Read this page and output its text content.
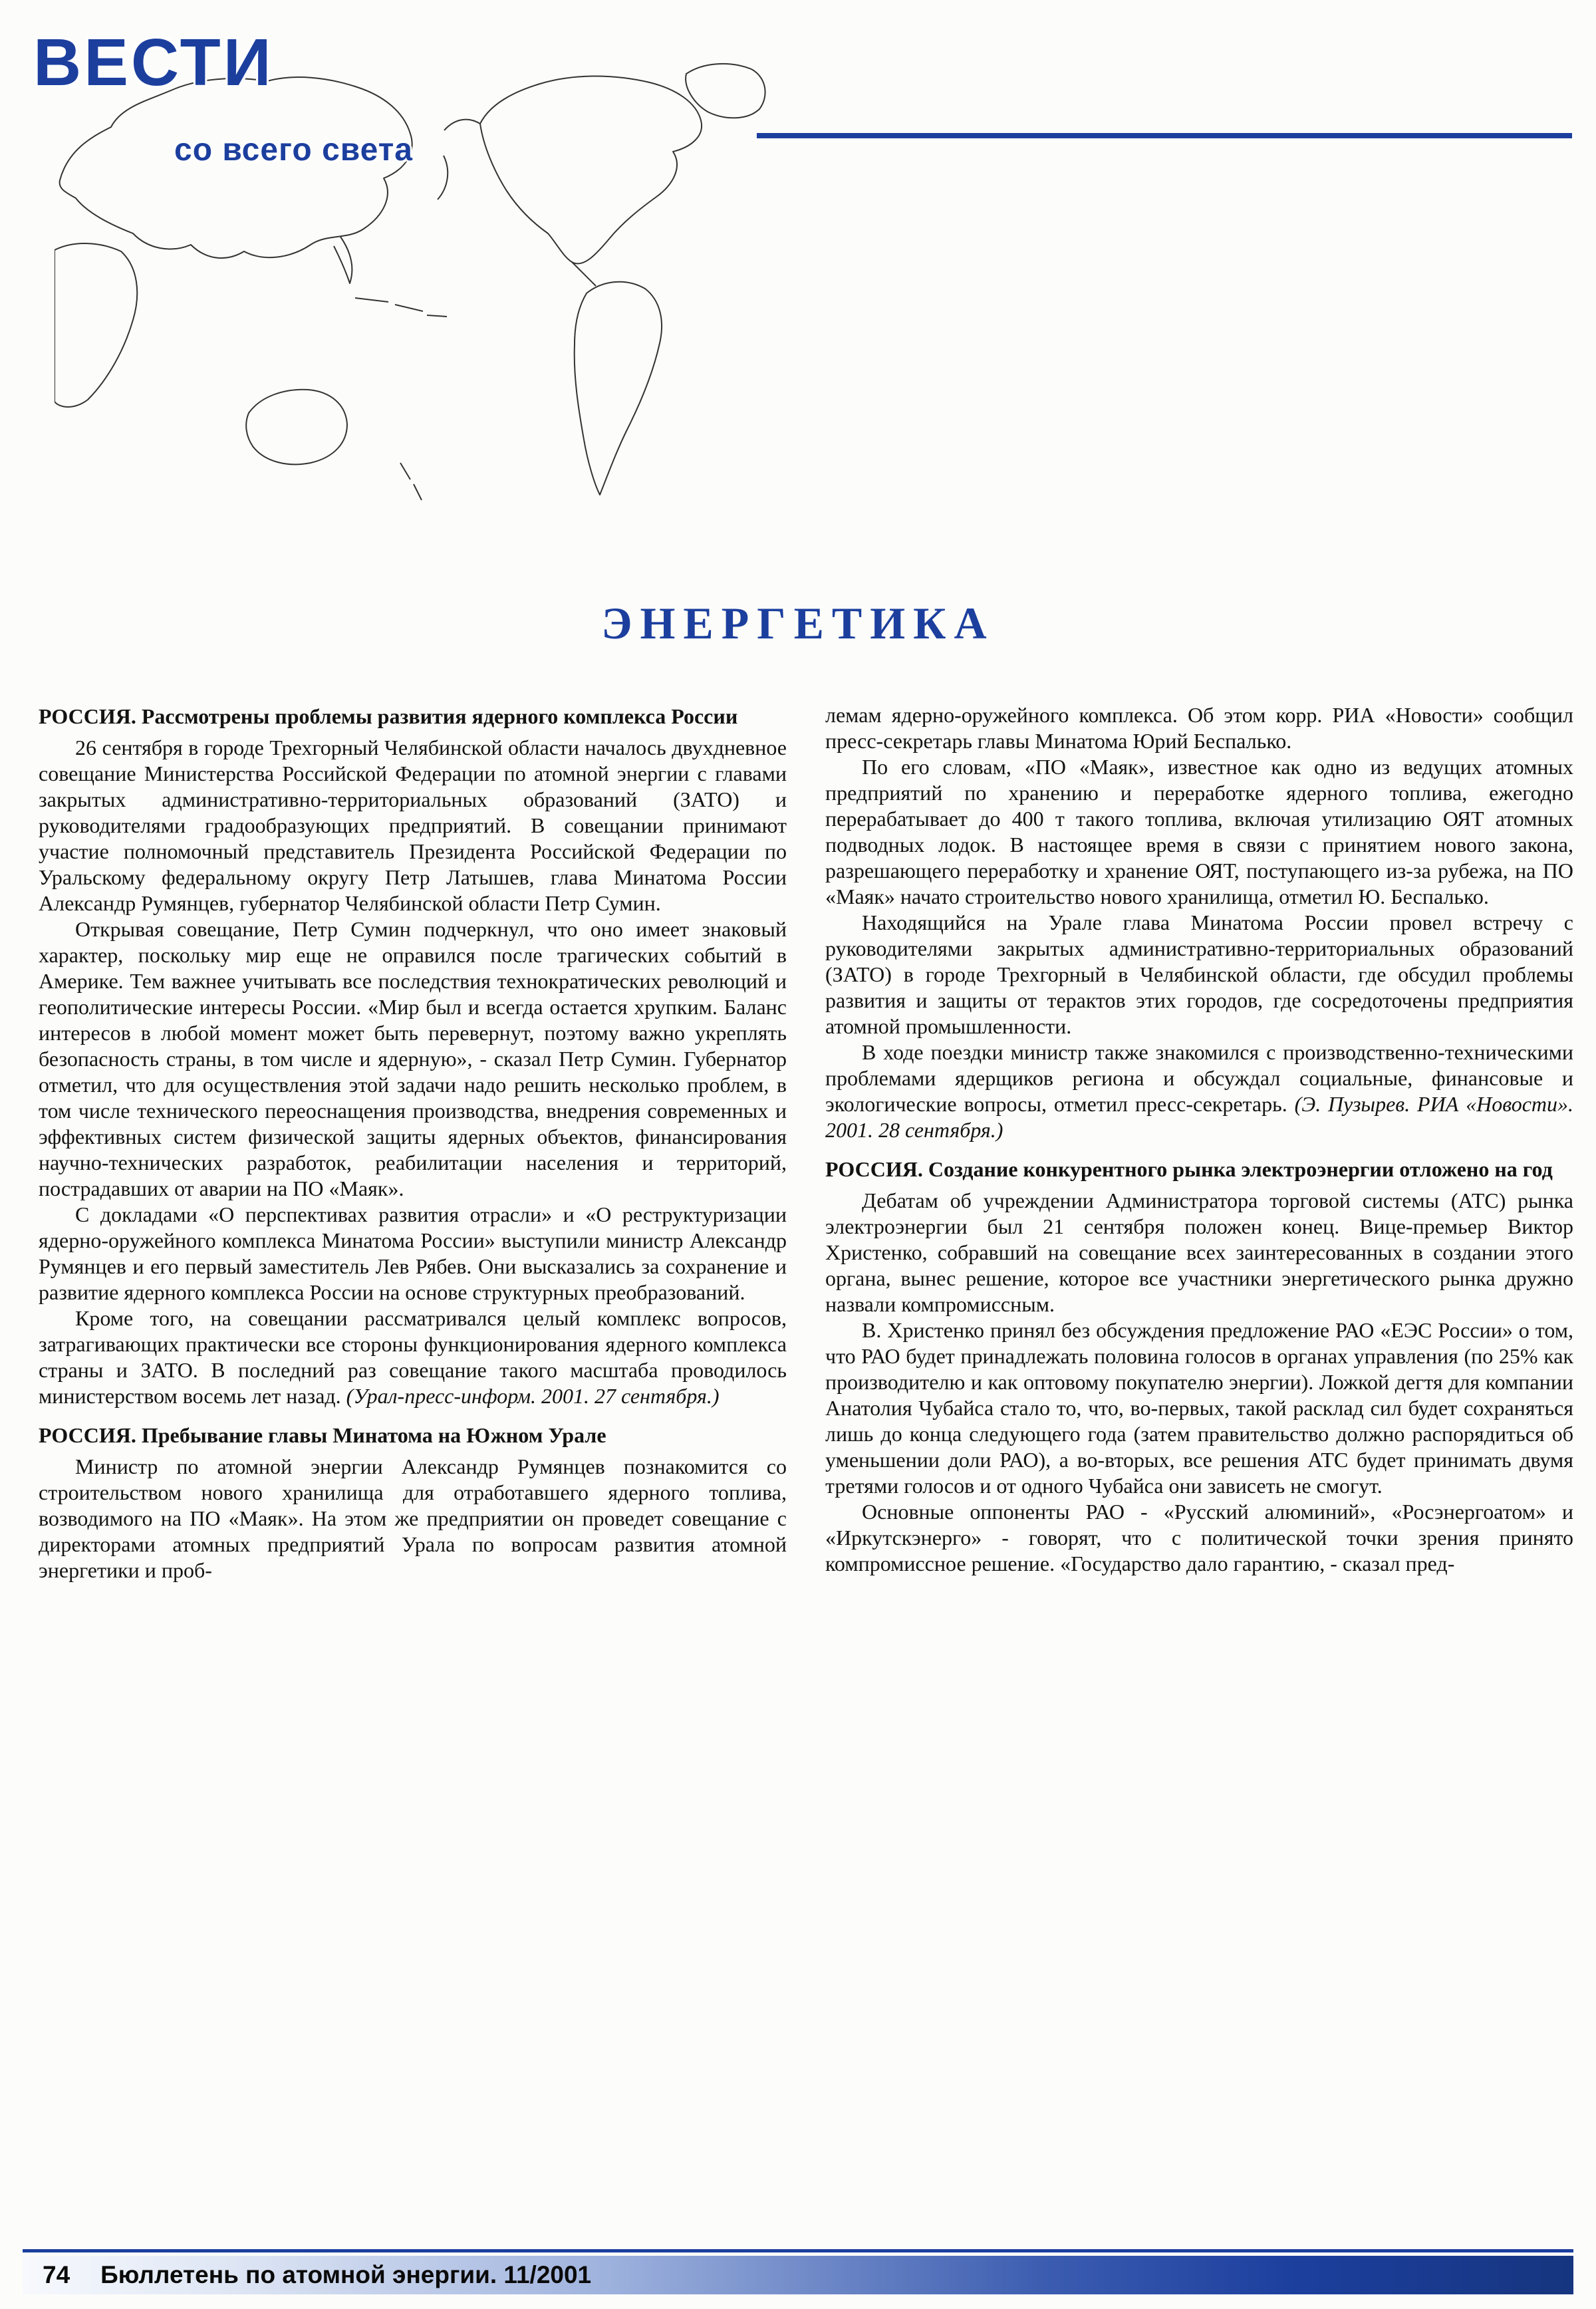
ВЕСТИ
со всего света
ЭНЕРГЕТИКА
РОССИЯ. Рассмотрены проблемы развития ядерного комплекса России

26 сентября в городе Трехгорный Челябинской области началось двухдневное совещание Министерства Российской Федерации по атомной энергии с главами закрытых административно-территориальных образований (ЗАТО) и руководителями градообразующих предприятий. В совещании принимают участие полномочный представитель Президента Российской Федерации по Уральскому федеральному округу Петр Латышев, глава Минатома России Александр Румянцев, губернатор Челябинской области Петр Сумин.

Открывая совещание, Петр Сумин подчеркнул, что оно имеет знаковый характер, поскольку мир еще не оправился после трагических событий в Америке. Тем важнее учитывать все последствия технократических революций и геополитические интересы России. «Мир был и всегда остается хрупким. Баланс интересов в любой момент может быть перевернут, поэтому важно укреплять безопасность страны, в том числе и ядерную», - сказал Петр Сумин. Губернатор отметил, что для осуществления этой задачи надо решить несколько проблем, в том числе технического переоснащения производства, внедрения современных и эффективных систем физической защиты ядерных объектов, финансирования научно-технических разработок, реабилитации населения и территорий, пострадавших от аварии на ПО «Маяк».

С докладами «О перспективах развития отрасли» и «О реструктуризации ядерно-оружейного комплекса Минатома России» выступили министр Александр Румянцев и его первый заместитель Лев Рябев. Они высказались за сохранение и развитие ядерного комплекса России на основе структурных преобразований.

Кроме того, на совещании рассматривался целый комплекс вопросов, затрагивающих практически все стороны функционирования ядерного комплекса страны и ЗАТО. В последний раз совещание такого масштаба проводилось министерством восемь лет назад. (Урал-пресс-информ. 2001. 27 сентября.)

РОССИЯ. Пребывание главы Минатома на Южном Урале

Министр по атомной энергии Александр Румянцев познакомится со строительством нового хранилища для отработавшего ядерного топлива, возводимого на ПО «Маяк». На этом же предприятии он проведет совещание с директорами атомных предприятий Урала по вопросам развития атомной энергетики и проб-

лемам ядерно-оружейного комплекса. Об этом корр. РИА «Новости» сообщил пресс-секретарь главы Минатома Юрий Беспалько.

По его словам, «ПО «Маяк», известное как одно из ведущих атомных предприятий по хранению и переработке ядерного топлива, ежегодно перерабатывает до 400 т такого топлива, включая утилизацию ОЯТ атомных подводных лодок. В настоящее время в связи с принятием нового закона, разрешающего переработку и хранение ОЯТ, поступающего из-за рубежа, на ПО «Маяк» начато строительство нового хранилища, отметил Ю. Беспалько.

Находящийся на Урале глава Минатома России провел встречу с руководителями закрытых административно-территориальных образований (ЗАТО) в городе Трехгорный в Челябинской области, где обсудил проблемы развития и защиты от терактов этих городов, где сосредоточены предприятия атомной промышленности.

В ходе поездки министр также знакомился с производственно-техническими проблемами ядерщиков региона и обсуждал социальные, финансовые и экологические вопросы, отметил пресс-секретарь. (Э. Пузырев. РИА «Новости». 2001. 28 сентября.)

РОССИЯ. Создание конкурентного рынка электроэнергии отложено на год

Дебатам об учреждении Администратора торговой системы (АТС) рынка электроэнергии был 21 сентября положен конец. Вице-премьер Виктор Христенко, собравший на совещание всех заинтересованных в создании этого органа, вынес решение, которое все участники энергетического рынка дружно назвали компромиссным.

В. Христенко принял без обсуждения предложение РАО «ЕЭС России» о том, что РАО будет принадлежать половина голосов в органах управления (по 25% как производителю и как оптовому покупателю энергии). Ложкой дегтя для компании Анатолия Чубайса стало то, что, во-первых, такой расклад сил будет сохраняться лишь до конца следующего года (затем правительство должно распорядиться об уменьшении доли РАО), а во-вторых, все решения АТС будет принимать двумя третями голосов и от одного Чубайса они зависеть не смогут.

Основные оппоненты РАО - «Русский алюминий», «Росэнергоатом» и «Иркутскэнерго» - говорят, что с политической точки зрения принято компромиссное решение. «Государство дало гарантию, - сказал пред-

74 Бюллетень по атомной энергии. 11/2001
